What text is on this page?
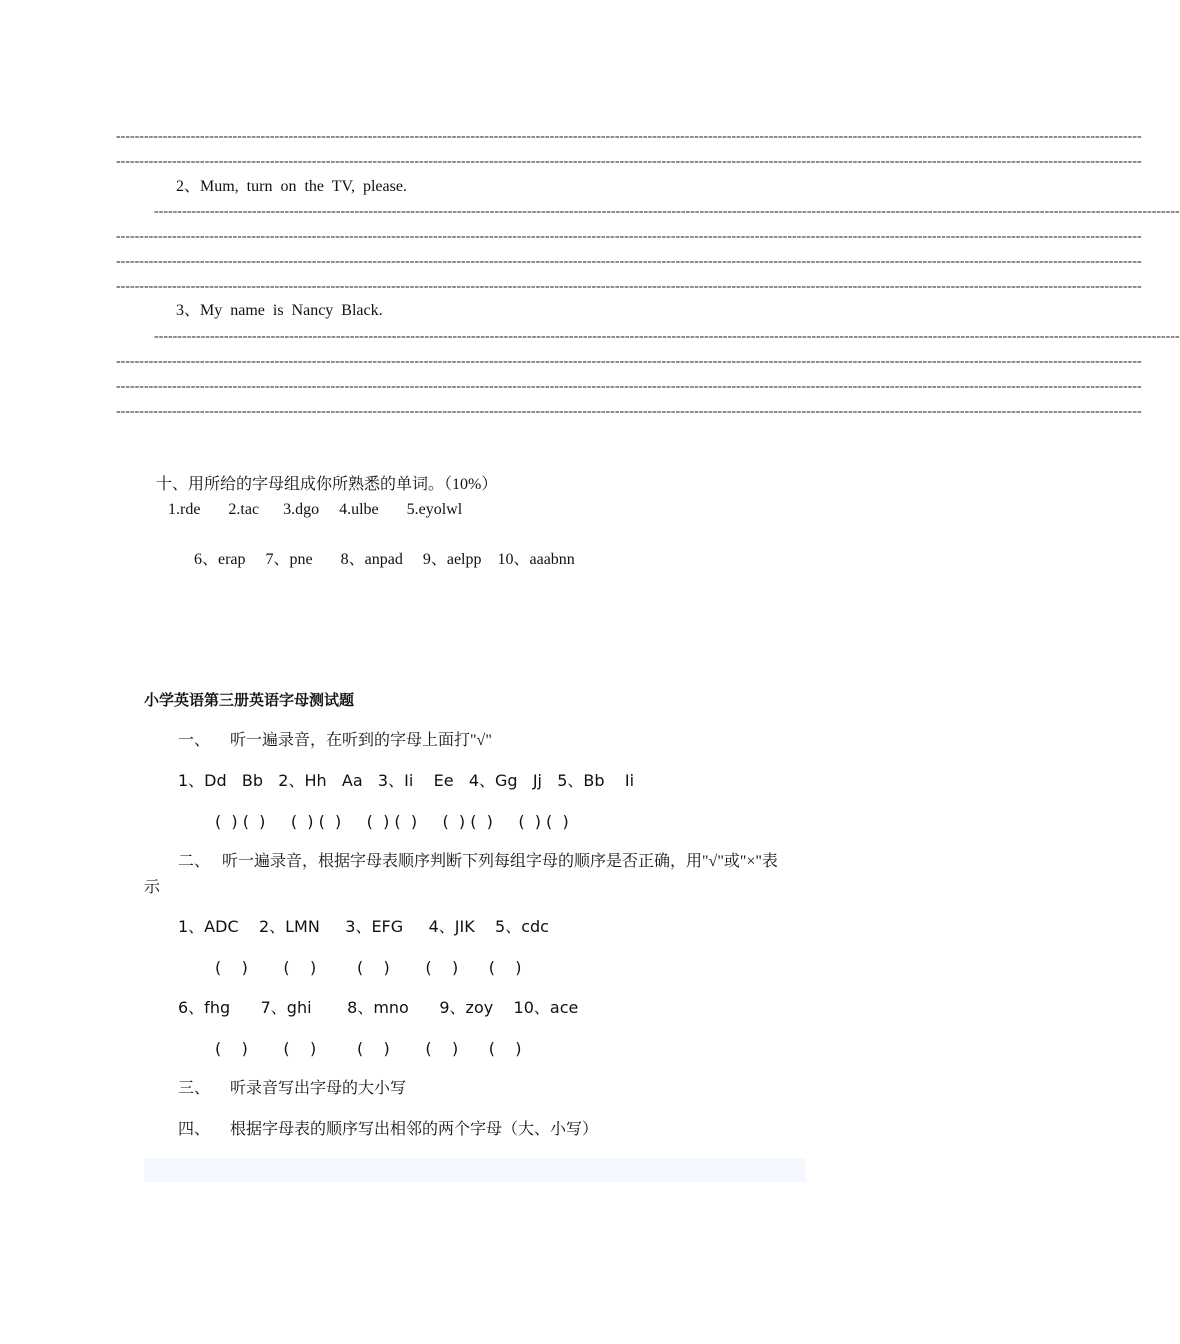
----------------------------------------------------------------------------------------------------------------------------------------------------------------------------------------------------------------------------
----------------------------------------------------------------------------------------------------------------------------------------------------------------------------------------------------------------------------
2、Mum,  turn  on  the  TV,  please.
----------------------------------------------------------------------------------------------------------------------------------------------------------------------------------------------------------------------------
----------------------------------------------------------------------------------------------------------------------------------------------------------------------------------------------------------------------------
----------------------------------------------------------------------------------------------------------------------------------------------------------------------------------------------------------------------------
----------------------------------------------------------------------------------------------------------------------------------------------------------------------------------------------------------------------------
3、My  name  is  Nancy  Black.
----------------------------------------------------------------------------------------------------------------------------------------------------------------------------------------------------------------------------
----------------------------------------------------------------------------------------------------------------------------------------------------------------------------------------------------------------------------
----------------------------------------------------------------------------------------------------------------------------------------------------------------------------------------------------------------------------
----------------------------------------------------------------------------------------------------------------------------------------------------------------------------------------------------------------------------
十、用所给的字母组成你所熟悉的单词。（10%）
1.rde       2.tac      3.dgo     4.ulbe       5.eyolwl
6、erap     7、pne       8、anpad     9、aelpp    10、aaabnn
小学英语第三册英语字母测试题
一、     听一遍录音，在听到的字母上面打"√"
1、Dd   Bb   2、Hh   Aa   3、Ii    Ee   4、Gg   Jj   5、Bb    Ii
(  ) (  )     (  ) (  )     (  ) (  )     (  ) (  )     (  ) (  )
二、   听一遍录音，根据字母表顺序判断下列每组字母的顺序是否正确，用"√"或"×"表
示
1、ADC    2、LMN     3、EFG     4、JIK    5、cdc
(    )       (    )        (    )       (    )      (    )
6、fhg      7、ghi       8、mno      9、zoy    10、ace
(    )       (    )        (    )       (    )      (    )
三、     听录音写出字母的大小写
四、     根据字母表的顺序写出相邻的两个字母（大、小写）
